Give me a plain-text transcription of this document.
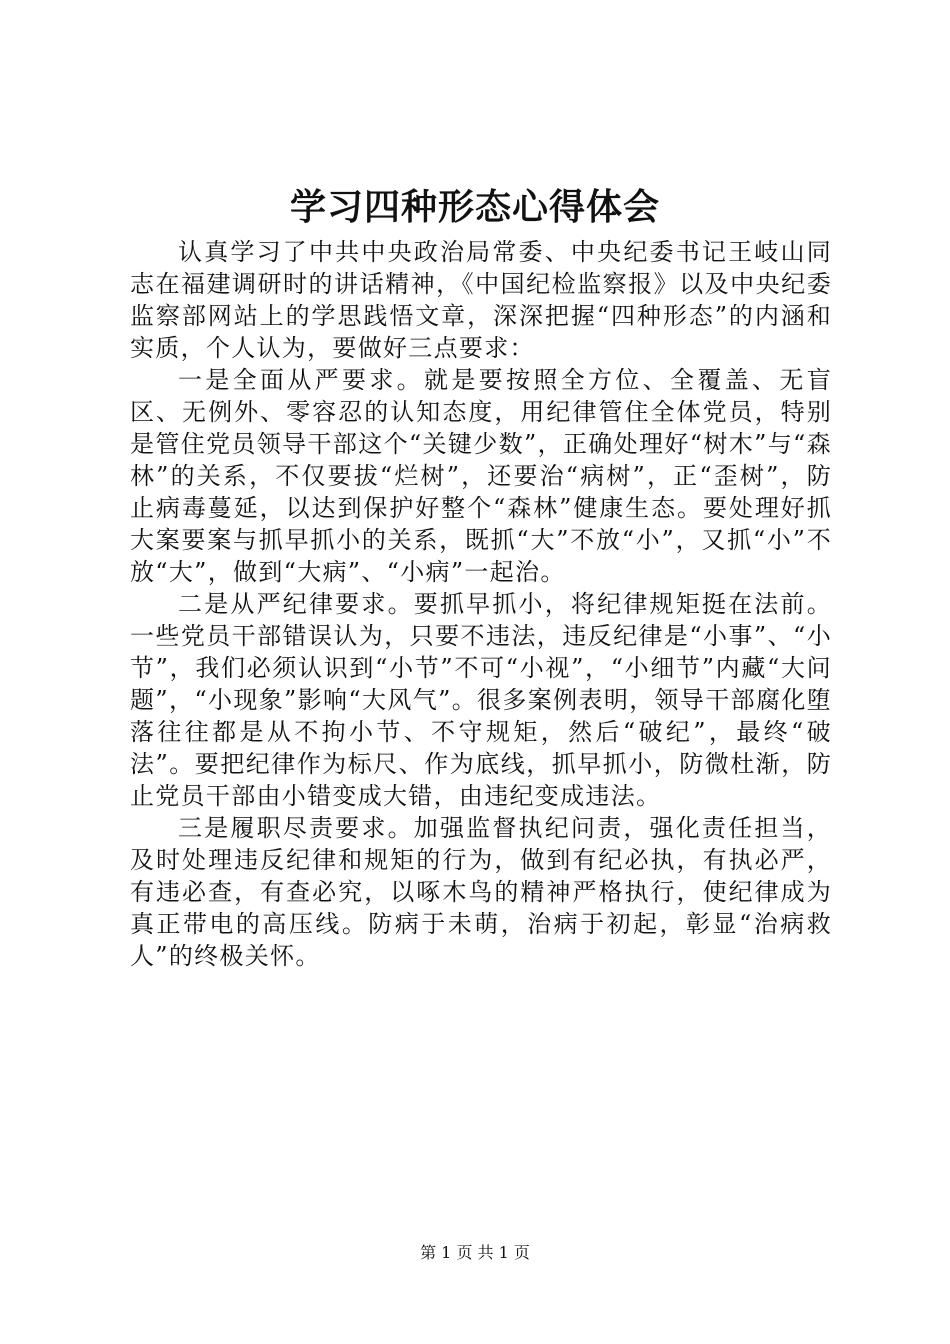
学习四种形态心得体会

认真学习了中共中央政治局常委、中央纪委书记王岐山同志在福建调研时的讲话精神，《中国纪检监察报》以及中央纪委监察部网站上的学思践悟文章，深深把握“四种形态”的内涵和实质，个人认为，要做好三点要求：

一是全面从严要求。就是要按照全方位、全覆盖、无盲区、无例外、零容忍的认知态度，用纪律管住全体党员，特别是管住党员领导干部这个“关键少数”，正确处理好“树木”与“森林”的关系，不仅要拔“烂树”，还要治“病树”，正“歪树”，防止病毒蔓延，以达到保护好整个“森林”健康生态。要处理好抓大案要案与抓早抓小的关系，既抓“大”不放“小”，又抓“小”不放“大”，做到“大病”、“小病”一起治。

二是从严纪律要求。要抓早抓小，将纪律规矩挺在法前。一些党员干部错误认为，只要不违法，违反纪律是“小事”、“小节”，我们必须认识到“小节”不可“小视”，“小细节”内藏“大问题”，“小现象”影响“大风气”。很多案例表明，领导干部腐化堕落往往都是从不拘小节、不守规矩，然后“破纪”，最终“破法”。要把纪律作为标尺、作为底线，抓早抓小，防微杜渐，防止党员干部由小错变成大错，由违纪变成违法。

三是履职尽责要求。加强监督执纪问责，强化责任担当，及时处理违反纪律和规矩的行为，做到有纪必执，有执必严，有违必查，有查必究，以啄木鸟的精神严格执行，使纪律成为真正带电的高压线。防病于未萌，治病于初起，彰显“治病救人”的终极关怀。

第 1 页 共 1 页
